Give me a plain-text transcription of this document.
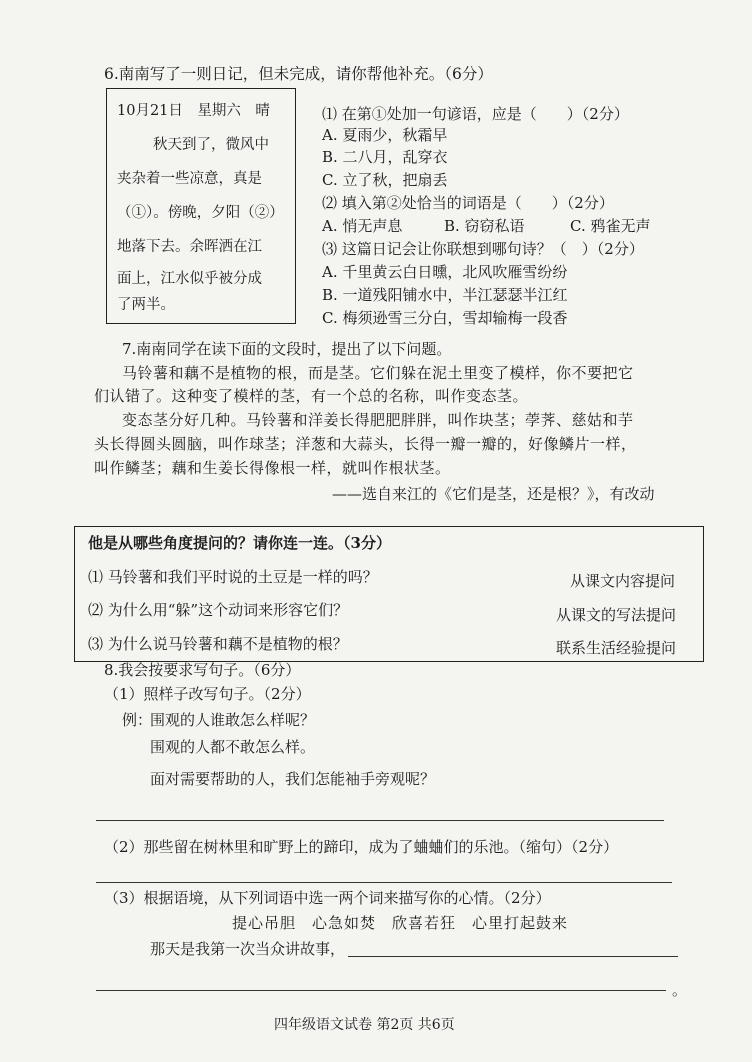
6.南南写了一则日记，但未完成，请你帮他补充。（6分）
10月21日　星期六　晴
秋天到了，微风中
夹杂着一些凉意，真是
（①）。傍晚，夕阳（②）
地落下去。余晖洒在江
面上，江水似乎被分成
了两半。
⑴ 在第①处加一句谚语，应是（　　）（2分）
A. 夏雨少，秋霜早
B. 二八月，乱穿衣
C. 立了秋，把扇丢
⑵ 填入第②处恰当的词语是（　　）（2分）
A. 悄无声息	B. 窃窃私语	C. 鸦雀无声
⑶ 这篇日记会让你联想到哪句诗？（　）（2分）
A. 千里黄云白日曛，北风吹雁雪纷纷
B. 一道残阳铺水中，半江瑟瑟半江红
C. 梅须逊雪三分白，雪却输梅一段香
7.南南同学在读下面的文段时，提出了以下问题。
马铃薯和藕不是植物的根，而是茎。它们躲在泥土里变了模样，你不要把它
们认错了。这种变了模样的茎，有一个总的名称，叫作变态茎。
变态茎分好几种。马铃薯和洋姜长得肥肥胖胖，叫作块茎；荸荠、慈姑和芋
头长得圆头圆脑，叫作球茎；洋葱和大蒜头，长得一瓣一瓣的，好像鳞片一样，
叫作鳞茎；藕和生姜长得像根一样，就叫作根状茎。
——选自来江的《它们是茎，还是根？》，有改动
他是从哪些角度提问的？请你连一连。（3分）
⑴ 马铃薯和我们平时说的土豆是一样的吗？
⑵ 为什么用“躲”这个动词来形容它们？
⑶ 为什么说马铃薯和藕不是植物的根？
从课文内容提问
从课文的写法提问
联系生活经验提问
8.我会按要求写句子。（6分）
（1）照样子改写句子。（2分）
例：
围观的人谁敢怎么样呢？
围观的人都不敢怎么样。
面对需要帮助的人，我们怎能袖手旁观呢？
（2）那些留在树林里和旷野上的蹄印，成为了蛐蛐们的乐池。（缩句）（2分）
（3）根据语境，从下列词语中选一两个词来描写你的心情。（2分）
提心吊胆　心急如焚　欣喜若狂　心里打起鼓来
那天是我第一次当众讲故事，
。
四年级语文试卷 第2页 共6页
